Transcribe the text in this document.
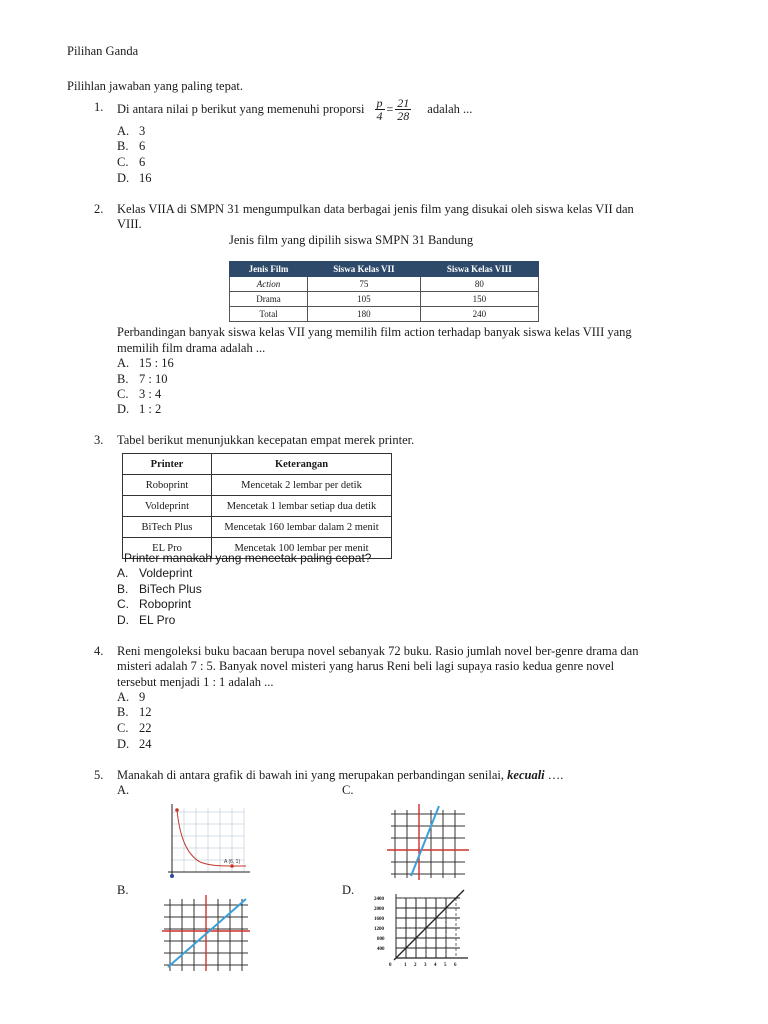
Pilihan Ganda
Pilihlan jawaban yang paling tepat.
1. Di antara nilai p berikut yang memenuhi proporsi $\frac{p}{4} = \frac{21}{28}$ adalah ...
A. 3
B. 6
C. 6
D. 16
2. Kelas VIIA di SMPN 31 mengumpulkan data berbagai jenis film yang disukai oleh siswa kelas VII dan
VIII.
Jenis film yang dipilih siswa SMPN 31 Bandung
Jenis Film	Siswa Kelas VII	Siswa Kelas VIII
Action	75	80
Drama	105	150
Total	180	240
Perbandingan banyak siswa kelas VII yang memilih film action terhadap banyak siswa kelas VIII yang
memilih film drama adalah ...
A. 15 : 16
B. 7 : 10
C. 3 : 4
D. 1 : 2
3. Tabel berikut menunjukkan kecepatan empat merek printer.
Printer	Keterangan
Roboprint	Mencetak 2 lembar per detik
Voldeprint	Mencetak 1 lembar setiap dua detik
BiTech Plus	Mencetak 160 lembar dalam 2 menit
EL Pro	Mencetak 100 lembar per menit
Printer manakah yang mencetak paling cepat?
A. Voldeprint
B. BiTech Plus
C. Roboprint
D. EL Pro
4. Reni mengoleksi buku bacaan berupa novel sebanyak 72 buku. Rasio jumlah novel ber-genre drama dan
misteri adalah 7 : 5. Banyak novel misteri yang harus Reni beli lagi supaya rasio kedua genre novel
tersebut menjadi 1 : 1 adalah ...
A. 9
B. 12
C. 22
D. 24
5. Manakah di antara grafik di bawah ini yang merupakan perbandingan senilai, kecuali ….
A.	C.
B.	D.
A (6, 1)
2400
2000
1600
1200
800
400
0	1 2 3 4 5 6
